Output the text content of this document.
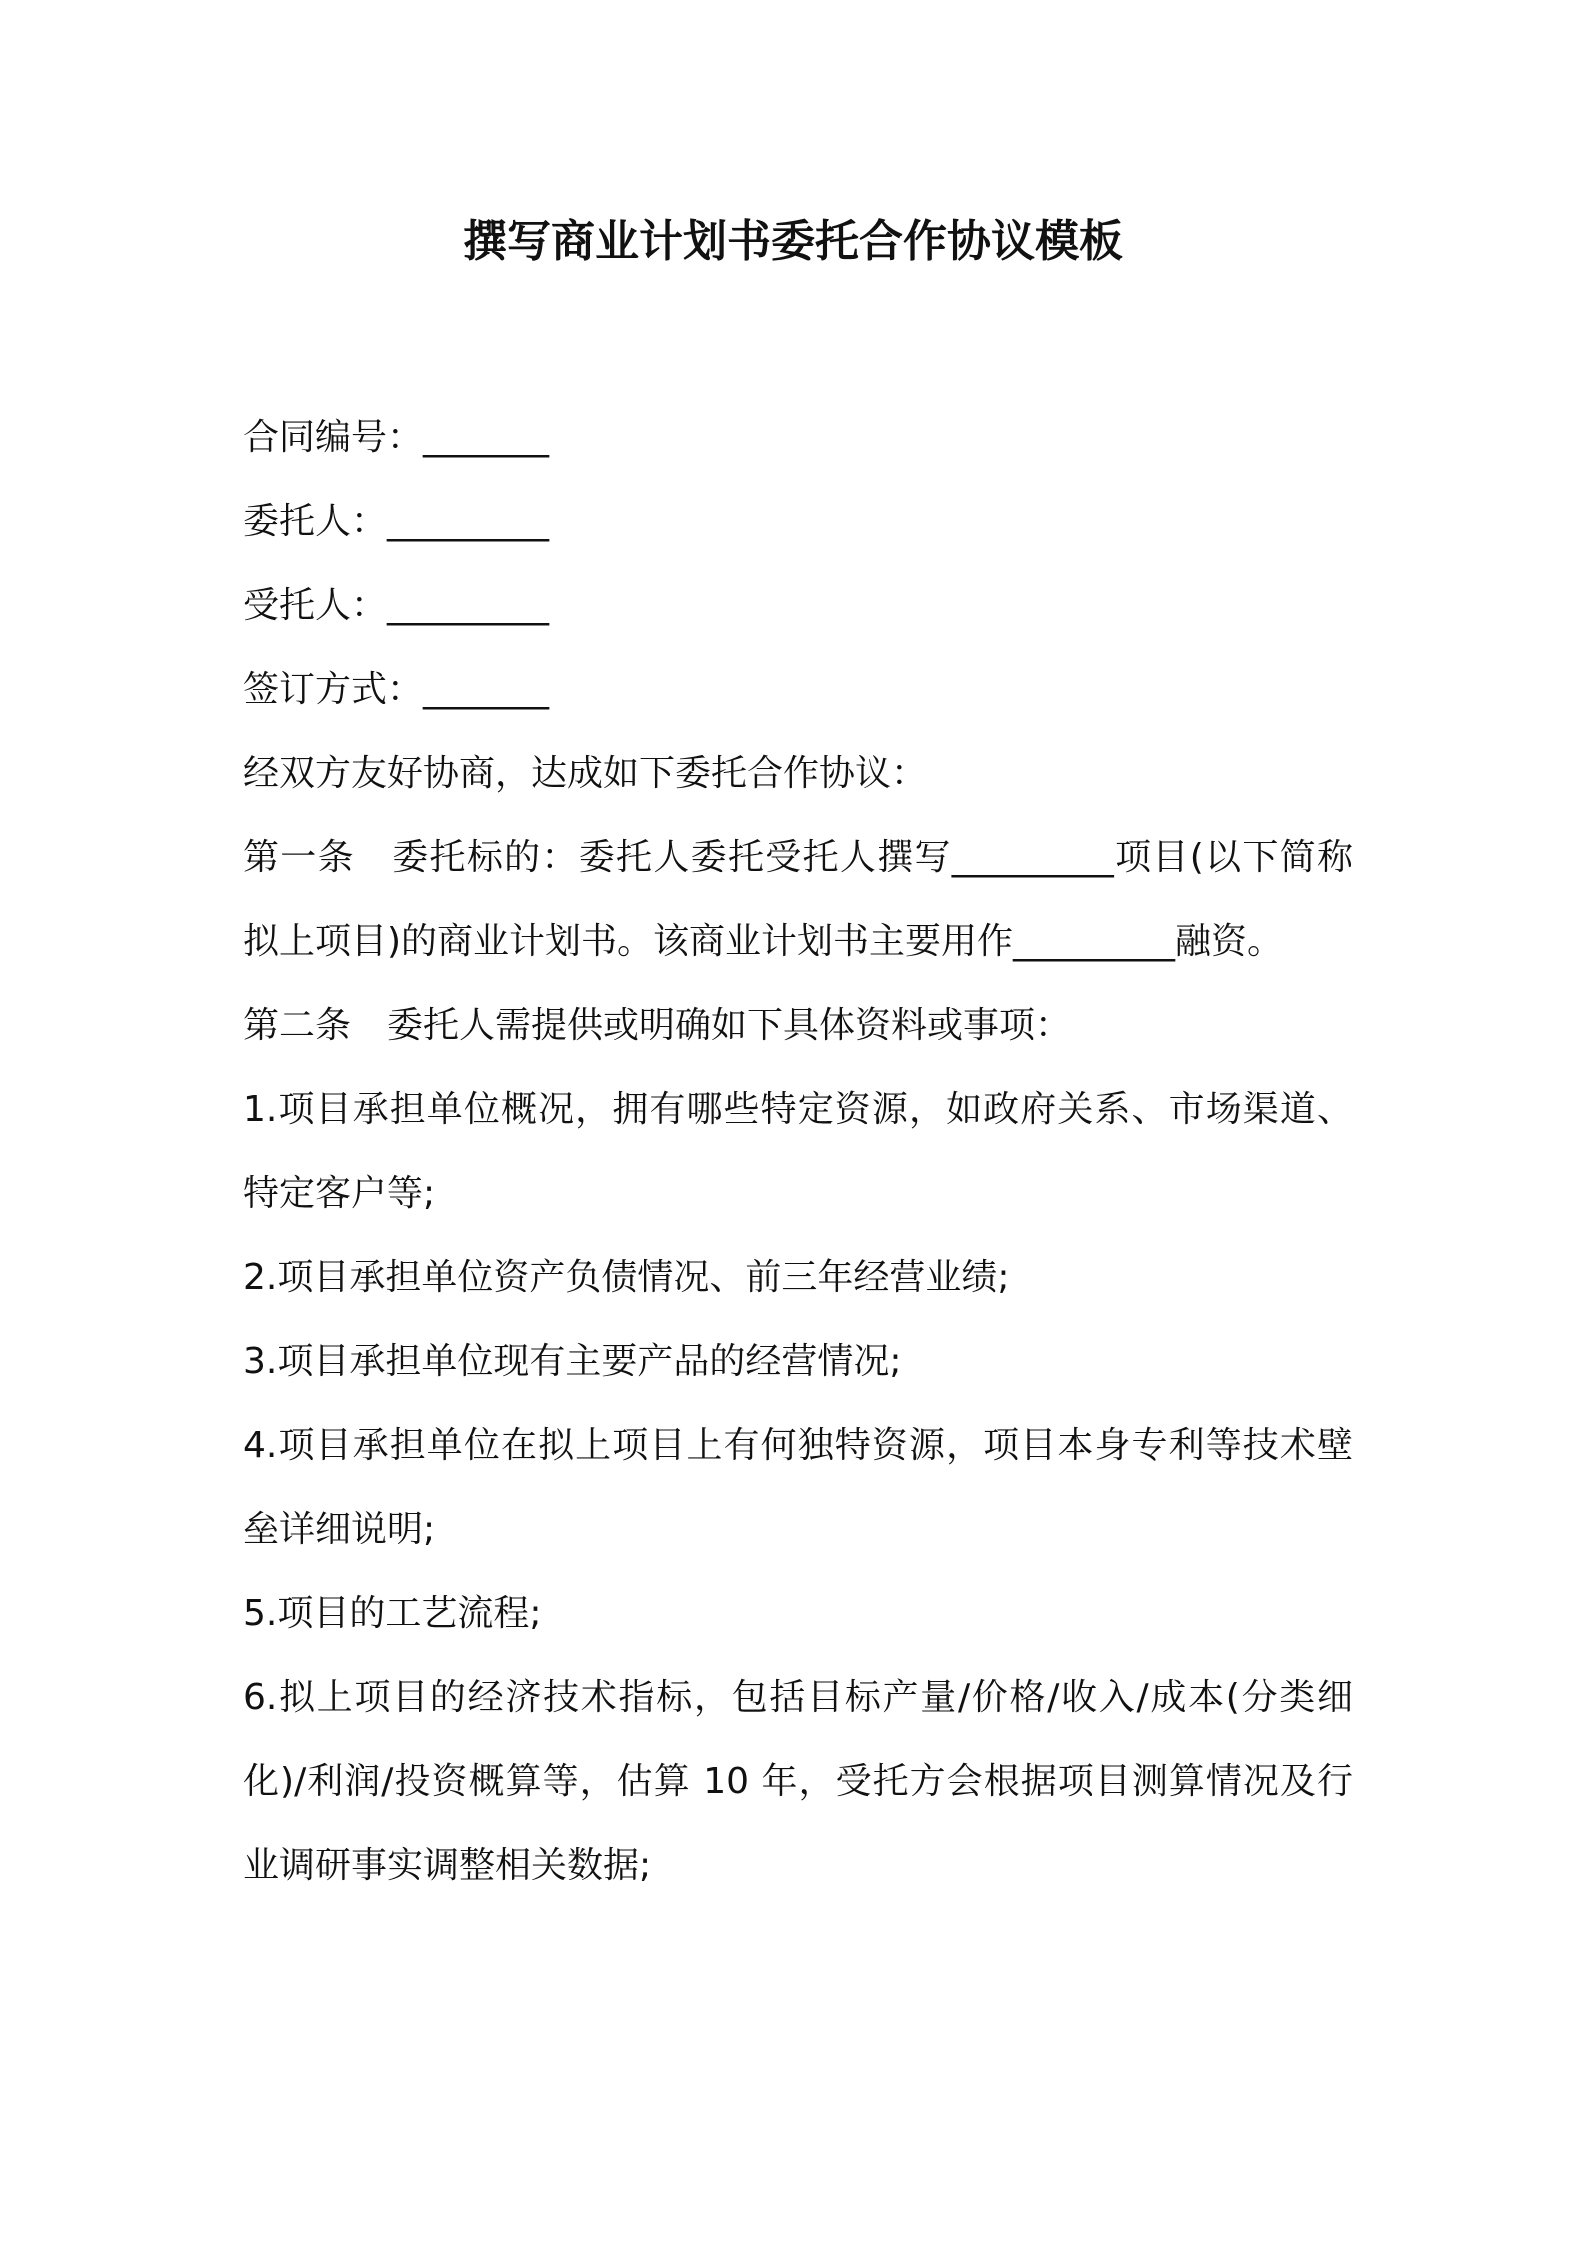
撰写商业计划书委托合作协议模板
合同编号：_______
委托人：_________
受托人：_________
签订方式：_______
经双方友好协商，达成如下委托合作协议：
第一条　委托标的：委托人委托受托人撰写_________项目(以下简称拟上项目)的商业计划书。该商业计划书主要用作_________融资。
第二条　委托人需提供或明确如下具体资料或事项：
1.项目承担单位概况，拥有哪些特定资源，如政府关系、市场渠道、特定客户等;
2.项目承担单位资产负债情况、前三年经营业绩;
3.项目承担单位现有主要产品的经营情况;
4.项目承担单位在拟上项目上有何独特资源，项目本身专利等技术壁垒详细说明;
5.项目的工艺流程;
6.拟上项目的经济技术指标，包括目标产量/价格/收入/成本(分类细化)/利润/投资概算等，估算 10 年，受托方会根据项目测算情况及行业调研事实调整相关数据;
